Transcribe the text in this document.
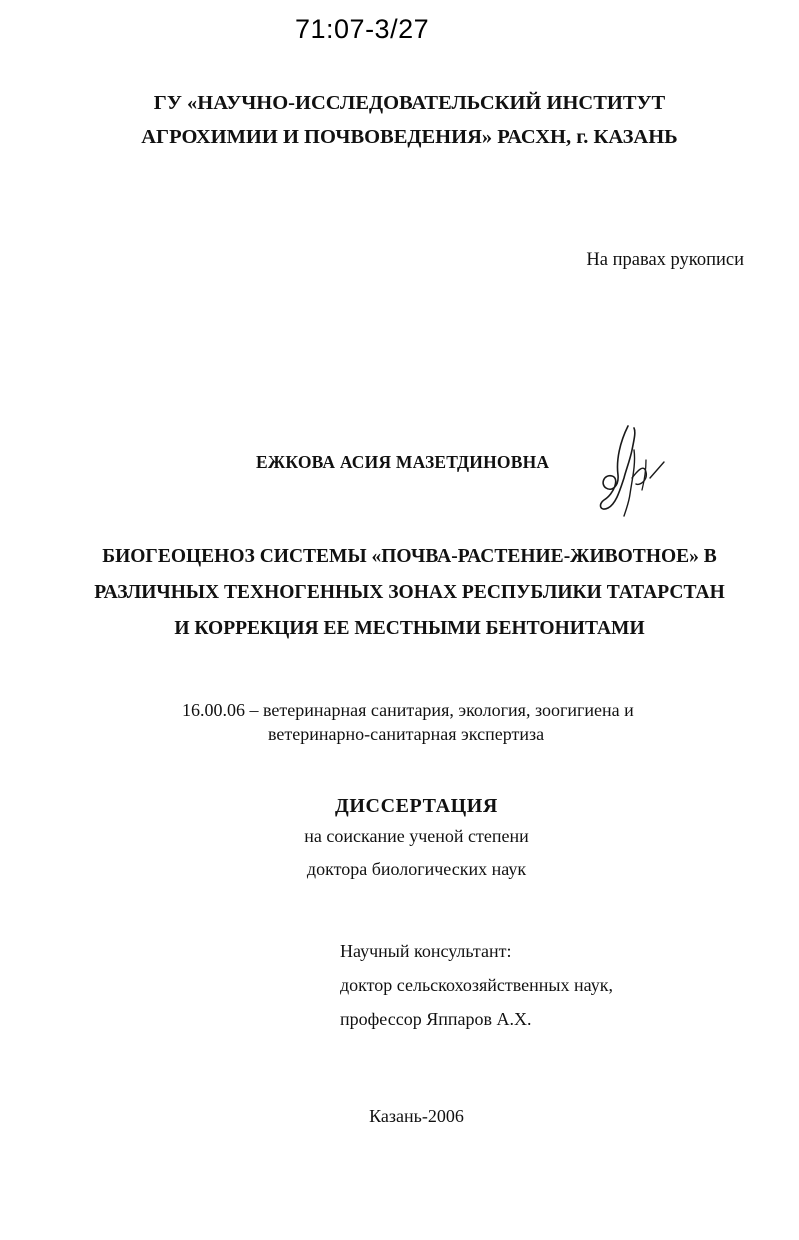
71:07-3/27
ГУ «НАУЧНО-ИССЛЕДОВАТЕЛЬСКИЙ ИНСТИТУТ
АГРОХИМИИ И ПОЧВОВЕДЕНИЯ» РАСХН, г. КАЗАНЬ
На правах рукописи
ЕЖКОВА АСИЯ МАЗЕТДИНОВНА
БИОГЕОЦЕНОЗ СИСТЕМЫ «ПОЧВА-РАСТЕНИЕ-ЖИВОТНОЕ» В
РАЗЛИЧНЫХ ТЕХНОГЕННЫХ ЗОНАХ РЕСПУБЛИКИ ТАТАРСТАН
И КОРРЕКЦИЯ ЕЕ МЕСТНЫМИ БЕНТОНИТАМИ
16.00.06 – ветеринарная санитария, экология, зоогигиена и
ветеринарно-санитарная экспертиза
ДИССЕРТАЦИЯ
на соискание ученой степени
доктора биологических наук
Научный консультант:
доктор сельскохозяйственных наук,
профессор Яппаров А.Х.
Казань-2006
